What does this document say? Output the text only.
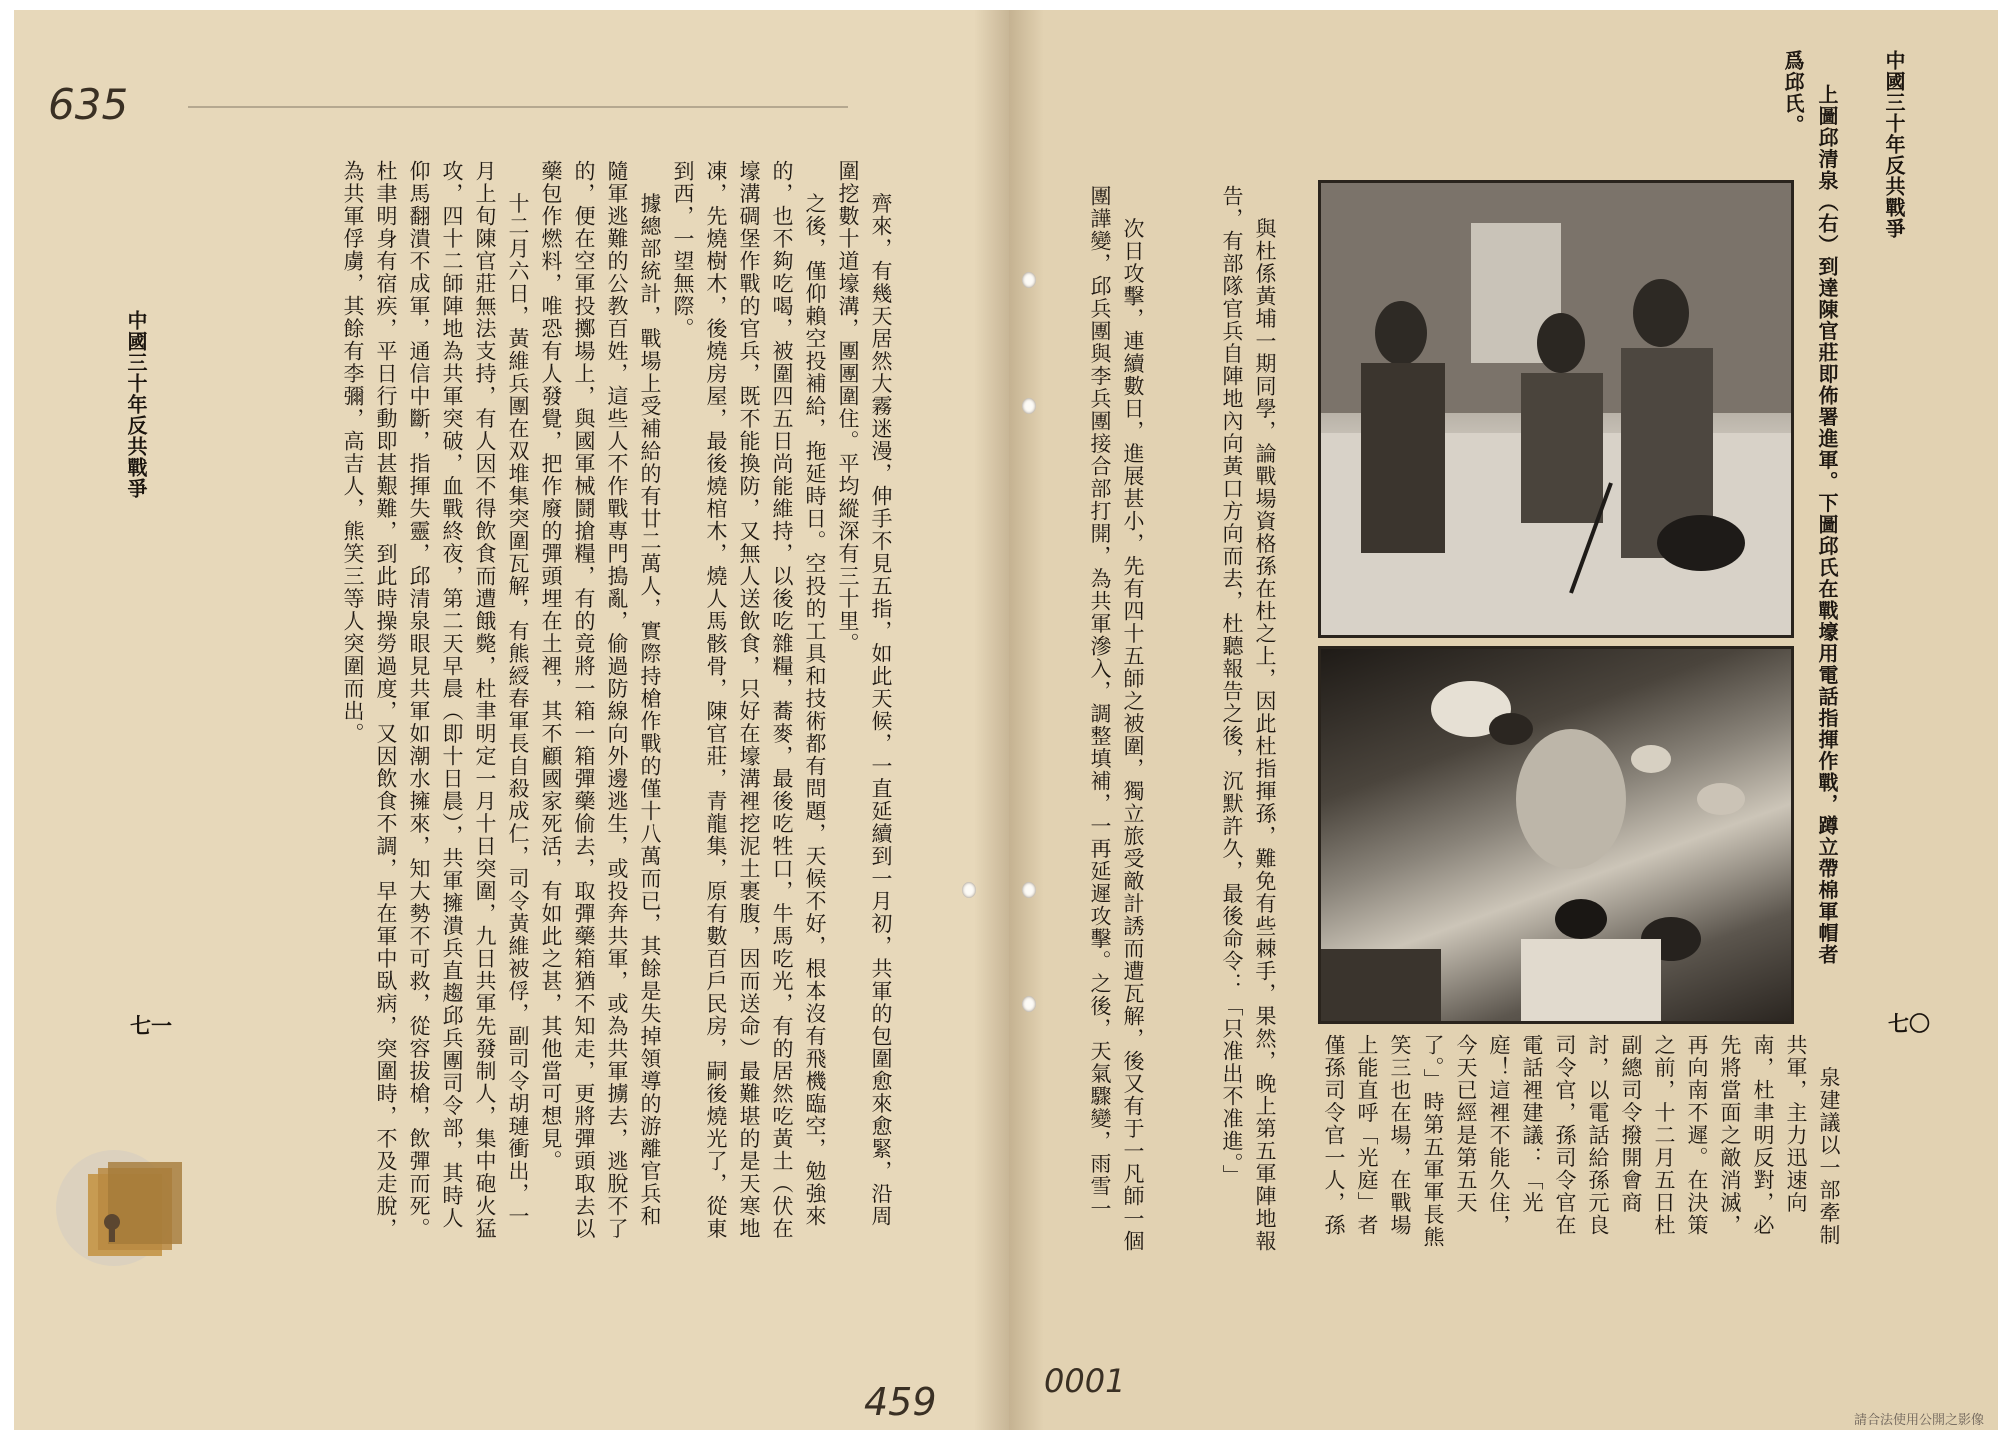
635
459	0001

齊來，有幾天居然大霧迷漫，伸手不見五指，如此天候，一直延續到一月初，共軍的包圍愈來愈緊，沿周圍挖數十道壕溝，團團圍住。平均縱深有三十里。
之後，僅仰賴空投補給，拖延時日。空投的工具和技術都有問題，天候不好，根本沒有飛機臨空，勉強來的，也不夠吃喝，被圍四五日尚能維持，以後吃雜糧，蕎麥，最後吃牲口，牛馬吃光，有的居然吃黃土（伏在壕溝碉堡作戰的官兵，既不能換防，又無人送飲食，只好在壕溝裡挖泥土裹腹，因而送命）最難堪的是天寒地凍，先燒樹木，後燒房屋，最後燒棺木，燒人馬骸骨，陳官莊，青龍集，原有數百戶民房，嗣後燒光了，從東到西，一望無際。
據總部統計，戰場上受補給的有廿二萬人，實際持槍作戰的僅十八萬而已，其餘是失掉領導的游離官兵和隨軍逃難的公教百姓，這些人不作戰專門搗亂，偷過防線向外邊逃生，或投奔共軍，或為共軍擄去，逃脫不了的，便在空軍投擲場上，與國軍械鬪搶糧，有的竟將一箱一箱彈藥偷去，取彈藥箱猶不知走，更將彈頭取去以藥包作燃料，唯恐有人發覺，把作廢的彈頭埋在土裡，其不顧國家死活，有如此之甚，其他當可想見。
十二月六日，黃維兵團在双堆集突圍瓦解，有熊綬春軍長自殺成仁，司令黃維被俘，副司令胡璉衝出，一月上旬陳官莊無法支持，有人因不得飲食而遭餓斃，杜聿明定一月十日突圍，九日共軍先發制人，集中砲火猛攻，四十二師陣地為共軍突破，血戰終夜，第二天早晨（即十日晨），共軍擁潰兵直趨邱兵團司令部，其時人仰馬翻潰不成軍，通信中斷，指揮失靈，邱清泉眼見共軍如潮水擁來，知大勢不可救，從容拔槍，飲彈而死。杜聿明身有宿疾，平日行動即甚艱難，到此時操勞過度，又因飲食不調，早在軍中臥病，突圍時，不及走脫，為共軍俘虜，其餘有李彌，高吉人，熊笑三等人突圍而出。

中國三十年反共戰爭
七一
中國三十年反共戰爭
七〇

上圖邱清泉（右）到達陳官莊即佈署進軍。下圖邱氏在戰壕用電話指揮作戰，蹲立帶棉軍帽者爲邱氏。

與杜係黃埔一期同學，論戰場資格孫在杜之上，因此杜指揮孫，難免有些棘手，果然，晚上第五軍陣地報告，有部隊官兵自陣地內向黃口方向而去，杜聽報告之後，沉默許久，最後命令：「只准出不准進。」

次日攻擊，連續數日，進展甚小，先有四十五師之被圍，獨立旅受敵計誘而遭瓦解，後又有于一凡師一個團譁變，邱兵團與李兵團接合部打開，為共軍滲入，調整填補，一再延遲攻擊。之後，天氣驟變，雨雪一
	泉建議以一部牽制共軍，主力迅速向南，杜聿明反對，必先將當面之敵消滅，再向南不遲。在決策之前，十二月五日杜副總司令撥開會商討，以電話給孫元良司令官，孫司令官在電話裡建議：「光庭！這裡不能久住，今天已經是第五天了。」時第五軍軍長熊笑三也在場，在戰場上能直呼「光庭」者僅孫司令官一人，孫

請合法使用公開之影像
